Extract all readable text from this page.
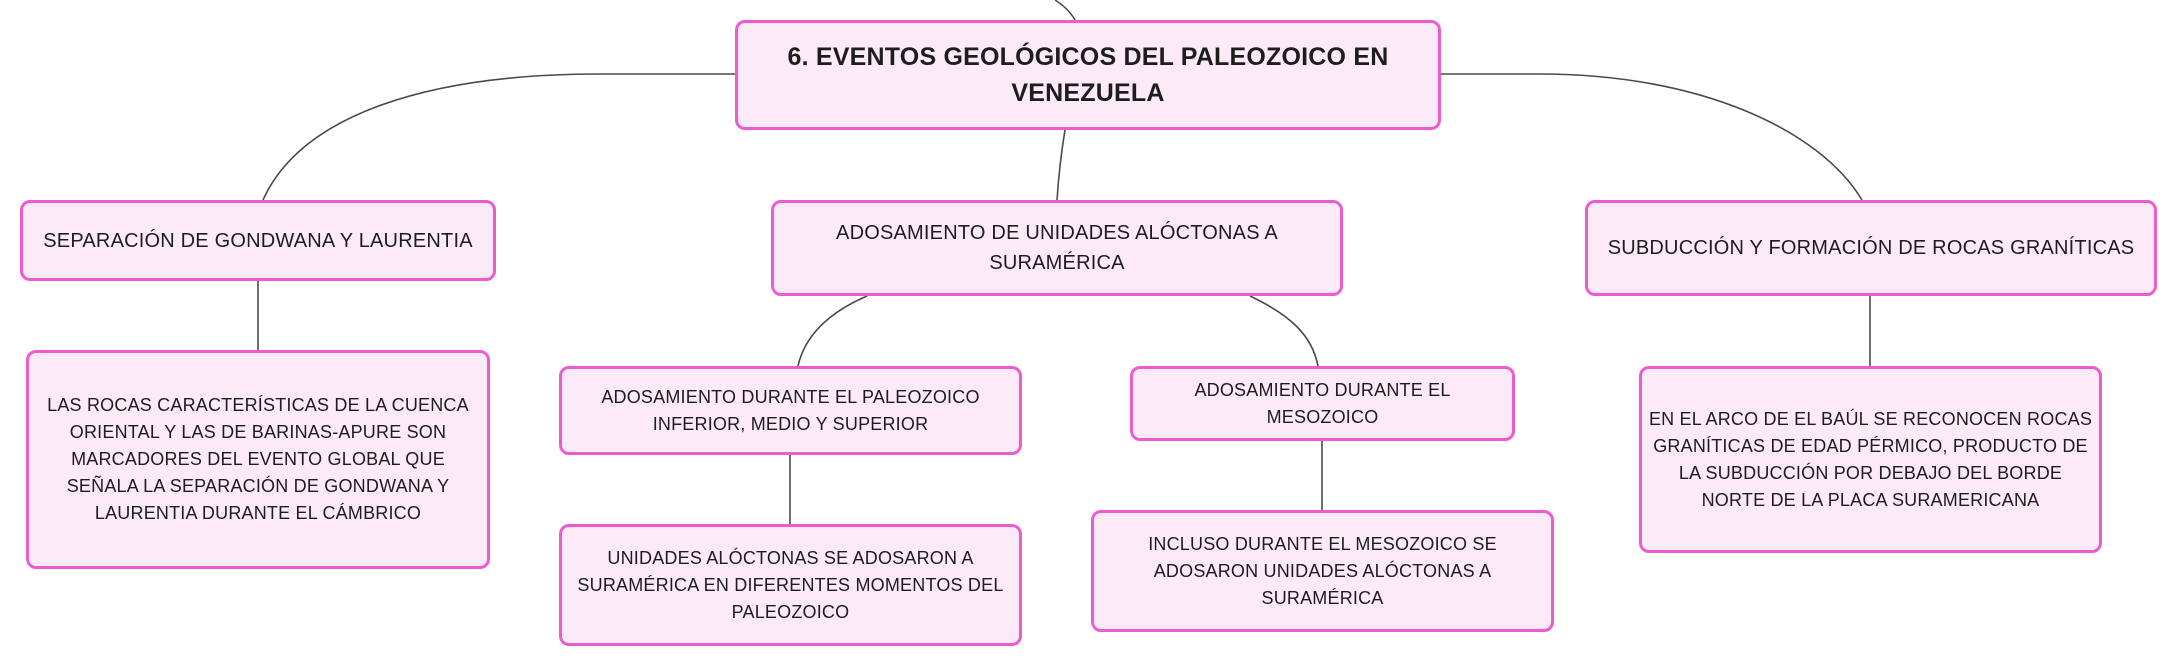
6. EVENTOS GEOLÓGICOS DEL PALEOZOICO EN VENEZUELA
SEPARACIÓN DE GONDWANA Y LAURENTIA	ADOSAMIENTO DE UNIDADES ALÓCTONAS A SURAMÉRICA
SUBDUCCIÓN Y FORMACIÓN DE ROCAS GRANÍTICAS
LAS ROCAS CARACTERÍSTICAS DE LA CUENCA ORIENTAL Y LAS DE BARINAS-APURE SON MARCADORES DEL EVENTO GLOBAL QUE SEÑALA LA SEPARACIÓN DE GONDWANA Y LAURENTIA DURANTE EL CÁMBRICO
ADOSAMIENTO DURANTE EL PALEOZOICO INFERIOR, MEDIO Y SUPERIOR
ADOSAMIENTO DURANTE EL MESOZOICO
UNIDADES ALÓCTONAS SE ADOSARON A SURAMÉRICA EN DIFERENTES MOMENTOS DEL PALEOZOICO
INCLUSO DURANTE EL MESOZOICO SE ADOSARON UNIDADES ALÓCTONAS A SURAMÉRICA
EN EL ARCO DE EL BAÚL SE RECONOCEN ROCAS GRANÍTICAS DE EDAD PÉRMICO, PRODUCTO DE LA SUBDUCCIÓN POR DEBAJO DEL BORDE NORTE DE LA PLACA SURAMERICANA
